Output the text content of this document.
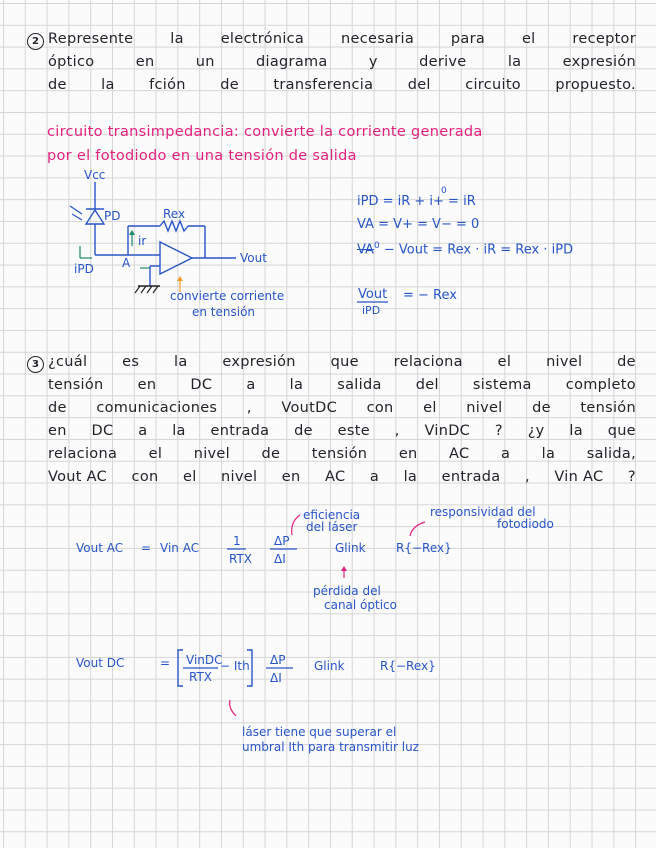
2 Represente	la	electrónica	necesaria	para	el	receptor
óptico	en	un	diagrama	y	derive	la	expresión
de la fción de transferencia del circuito propuesto.
circuito transimpedancia: convierte la corriente generada
por el fotodiodo en una tensión de salida
Vcc
PD	Rex
ir
iPD A	Vout
convierte corriente
en tensión
iPD = iR + i+ = iR
0
VA = V+ = V− = 0
$VA^0$ − Vout = Rex · iR = Rex · iPD
Vout
iPD
= − Rex
3 ¿cuál es la expresión que relaciona el nivel de
tensión en DC a la salida del sistema completo
de comunicaciones , VoutDC con el nivel de tensión
en DC a la entrada de este , VinDC ? ¿y la que
relaciona el nivel de tensión en AC a la salida,
Vout AC con el nivel en AC a la entrada , Vin AC ?
Vout AC = Vin AC	1
RTX
ΔP
ΔI
Glink	R{−Rex}
eficiencia
del láser
responsividad del
fotodiodo
pérdida del
canal óptico
Vout DC	= VinDC
RTX
− Ith ΔP
ΔI
Glink	R{−Rex}
láser tiene que superar el
umbral Ith para transmitir luz
